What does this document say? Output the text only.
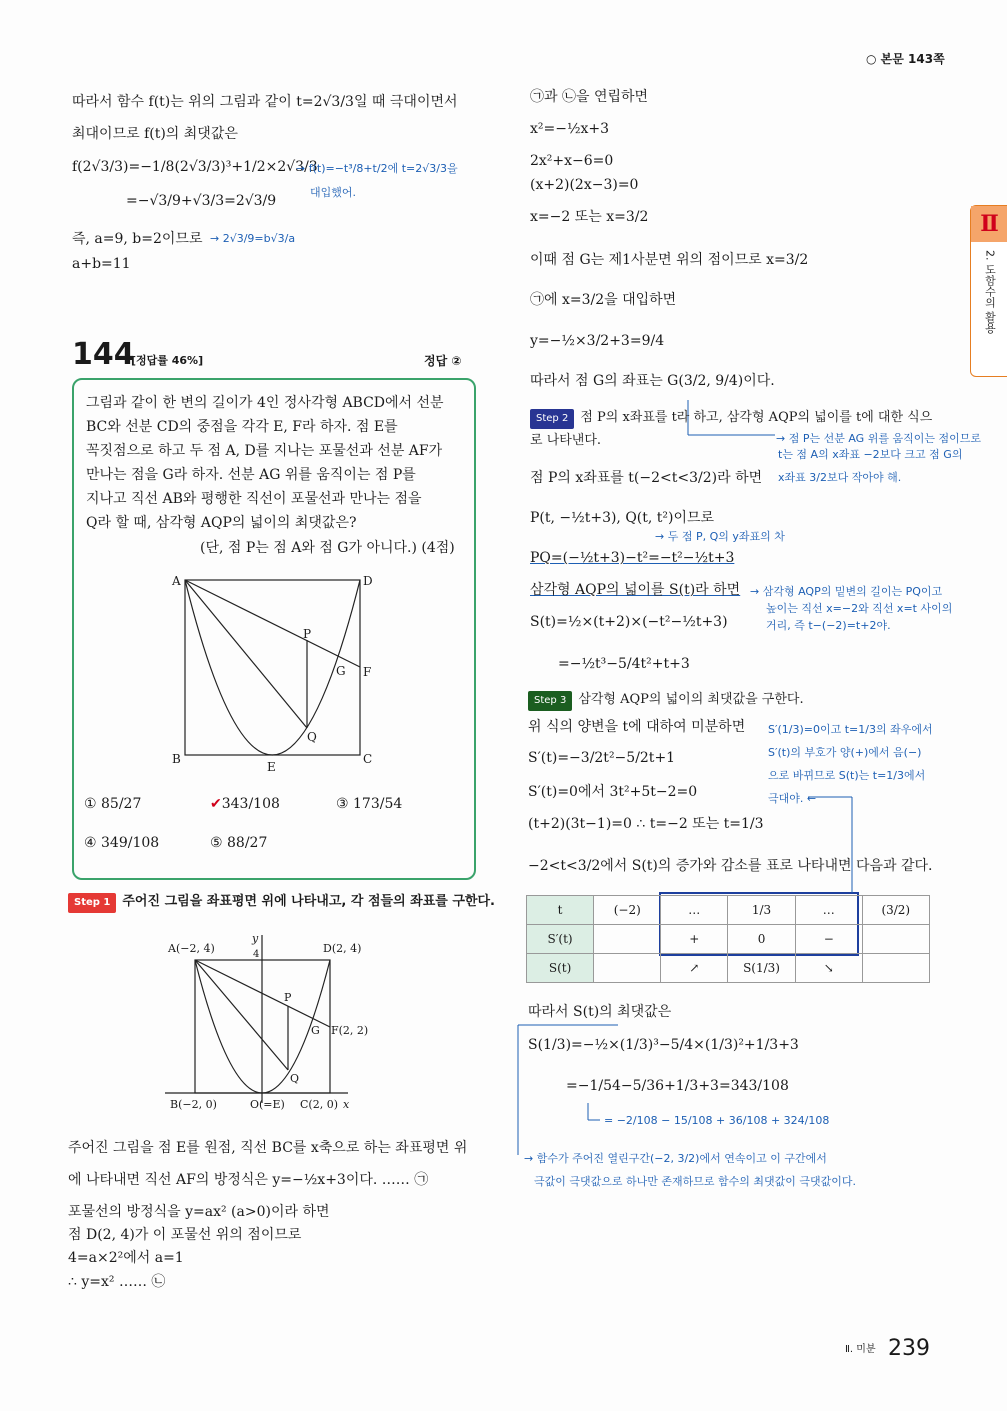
○ 본문 143쪽
Ⅱ
2. 도함수의 활용
따라서 함수 f(t)는 위의 그림과 같이 t=2√3/3일 때 극대이면서
최대이므로 f(t)의 최댓값은
f(2√3/3)=−1/8(2√3/3)³+1/2×2√3/3
=−√3/9+√3/3=2√3/9
즉, a=9, b=2이므로
a+b=11
→ f(t)=−t³/8+t/2에 t=2√3/3을
대입했어.
→ 2√3/9=b√3/a
144
[정답률 46%]	정답 ②
그림과 같이 한 변의 길이가 4인 정사각형 ABCD에서 선분
BC와 선분 CD의 중점을 각각 E, F라 하자. 점 E를
꼭짓점으로 하고 두 점 A, D를 지나는 포물선과 선분 AF가
만나는 점을 G라 하자. 선분 AG 위를 움직이는 점 P를
지나고 직선 AB와 평행한 직선이 포물선과 만나는 점을
Q라 할 때, 삼각형 AQP의 넓이의 최댓값은?
(단, 점 P는 점 A와 점 G가 아니다.) (4점)
A	D
B	C
E
F
G
P
Q
① 85/27	✔343/108	③ 173/54
④ 349/108	⑤ 88/27
Step 1 주어진 그림을 좌표평면 위에 나타내고, 각 점들의 좌표를 구한다.
A(−2, 4)	D(2, 4)
y
4
P
G F(2, 2)
Q
B(−2, 0)	O(=E) C(2, 0) x
주어진 그림을 점 E를 원점, 직선 BC를 x축으로 하는 좌표평면 위
에 나타내면 직선 AF의 방정식은 y=−½x+3이다. …… ㉠
포물선의 방정식을 y=ax² (a>0)이라 하면
점 D(2, 4)가 이 포물선 위의 점이므로
4=a×2²에서 a=1
∴ y=x² …… ㉡
㉠과 ㉡을 연립하면
x²=−½x+3
2x²+x−6=0
(x+2)(2x−3)=0
x=−2 또는 x=3/2
이때 점 G는 제1사분면 위의 점이므로 x=3/2
㉠에 x=3/2을 대입하면
y=−½×3/2+3=9/4
따라서 점 G의 좌표는 G(3/2, 9/4)이다.
Step 2 점 P의 x좌표를 t라 하고, 삼각형 AQP의 넓이를 t에 대한 식으
로 나타낸다.
점 P의 x좌표를 t(−2<t<3/2)라 하면
P(t, −½t+3), Q(t, t²)이므로
PQ=(−½t+3)−t²=−t²−½t+3
삼각형 AQP의 넓이를 S(t)라 하면
S(t)=½×(t+2)×(−t²−½t+3)
=−½t³−5/4t²+t+3
→ 점 P는 선분 AG 위를 움직이는 점이므로
t는 점 A의 x좌표 −2보다 크고 점 G의
x좌표 3/2보다 작아야 해.
→ 두 점 P, Q의 y좌표의 차
→ 삼각형 AQP의 밑변의 길이는 PQ이고
높이는 직선 x=−2와 직선 x=t 사이의
거리, 즉 t−(−2)=t+2야.
Step 3 삼각형 AQP의 넓이의 최댓값을 구한다.
위 식의 양변을 t에 대하여 미분하면
S′(t)=−3/2t²−5/2t+1
S′(t)=0에서 3t²+5t−2=0
(t+2)(3t−1)=0 ∴ t=−2 또는 t=1/3
−2<t<3/2에서 S(t)의 증가와 감소를 표로 나타내면 다음과 같다.
S′(1/3)=0이고 t=1/3의 좌우에서
S′(t)의 부호가 양(+)에서 음(−)
으로 바뀌므로 S(t)는 t=1/3에서
극대야. ←
t	(−2)	…	1/3	…	(3/2)
S′(t)		+	0	−	
S(t)		↗	S(1/3)	↘	
따라서 S(t)의 최댓값은
S(1/3)=−½×(1/3)³−5/4×(1/3)²+1/3+3
=−1/54−5/36+1/3+3=343/108
= −2/108 − 15/108 + 36/108 + 324/108
→ 함수가 주어진 열린구간(−2, 3/2)에서 연속이고 이 구간에서
극값이 극댓값으로 하나만 존재하므로 함수의 최댓값이 극댓값이다.
Ⅱ. 미분 239
